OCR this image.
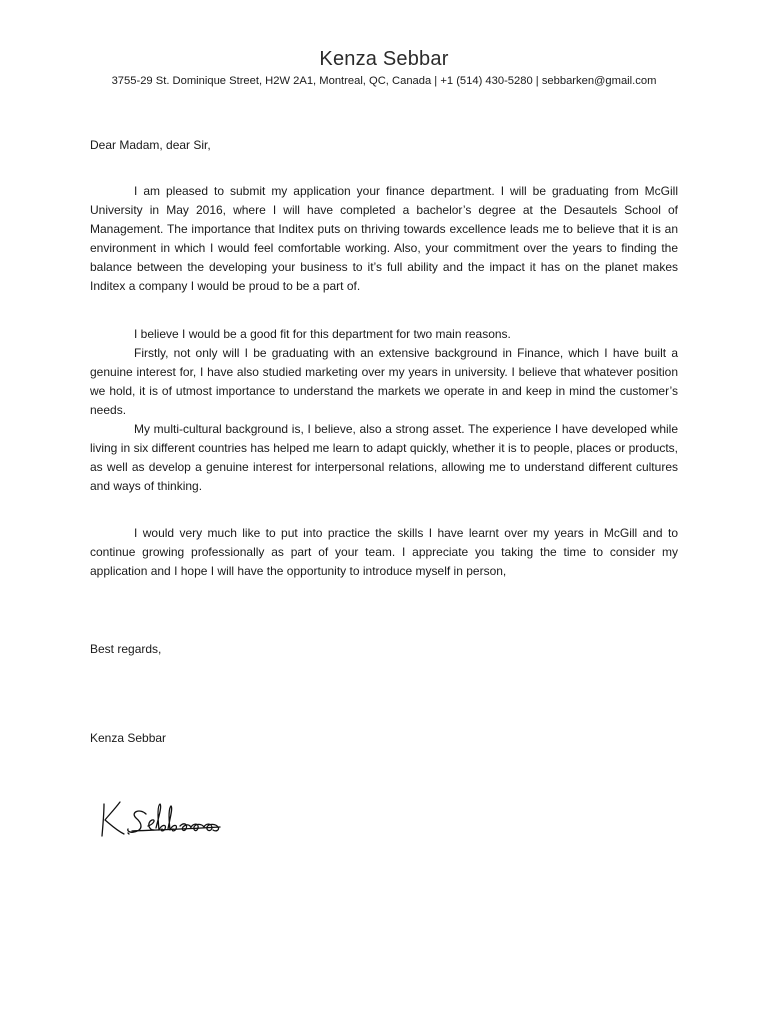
Kenza Sebbar
3755-29 St. Dominique Street, H2W 2A1, Montreal, QC, Canada | +1 (514) 430-5280 | sebbarken@gmail.com
Dear Madam, dear Sir,

I am pleased to submit my application your finance department. I will be graduating from McGill University in May 2016, where I will have completed a bachelor’s degree at the Desautels School of Management. The importance that Inditex puts on thriving towards excellence leads me to believe that it is an environment in which I would feel comfortable working. Also, your commitment over the years to finding the balance between the developing your business to it’s full ability and the impact it has on the planet makes Inditex a company I would be proud to be a part of.

I believe I would be a good fit for this department for two main reasons.

Firstly, not only will I be graduating with an extensive background in Finance, which I have built a genuine interest for, I have also studied marketing over my years in university. I believe that whatever position we hold, it is of utmost importance to understand the markets we operate in and keep in mind the customer’s needs.

My multi-cultural background is, I believe, also a strong asset. The experience I have developed while living in six different countries has helped me learn to adapt quickly, whether it is to people, places or products, as well as develop a genuine interest for interpersonal relations, allowing me to understand different cultures and ways of thinking.

I would very much like to put into practice the skills I have learnt over my years in McGill and to continue growing professionally as part of your team. I appreciate you taking the time to consider my application and I hope I will have the opportunity to introduce myself in person,

Best regards,
Kenza Sebbar
